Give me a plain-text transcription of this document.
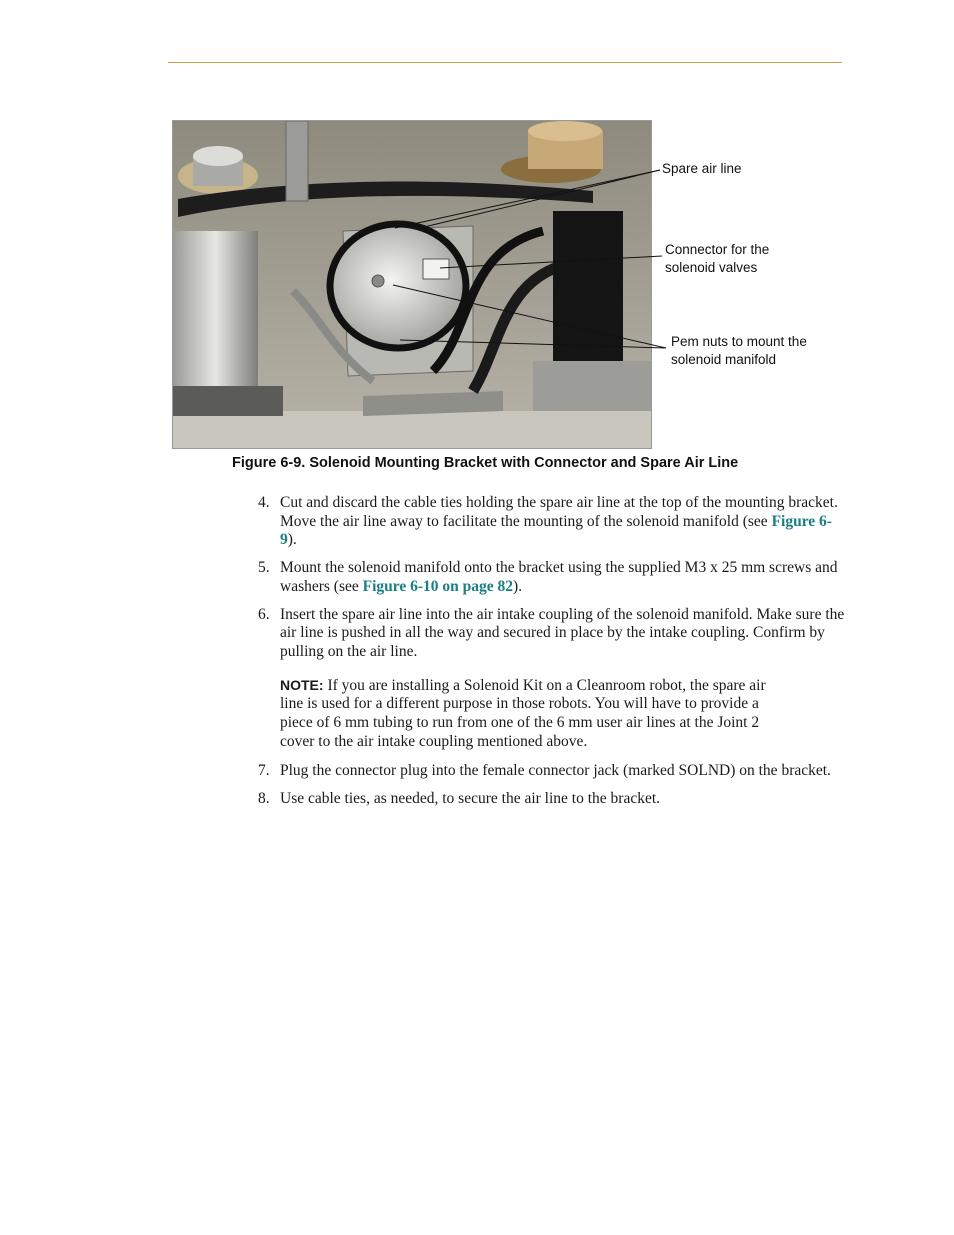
Spare air line
Connector for the
solenoid valves
Pem nuts to mount the
solenoid manifold
Figure 6-9. Solenoid Mounting Bracket with Connector and Spare Air Line
4. Cut and discard the cable ties holding the spare air line at the top of the mounting bracket. Move the air line away to facilitate the mounting of the solenoid manifold (see Figure 6-9).
5. Mount the solenoid manifold onto the bracket using the supplied M3 x 25 mm screws and washers (see Figure 6-10 on page 82).
6. Insert the spare air line into the air intake coupling of the solenoid manifold. Make sure the air line is pushed in all the way and secured in place by the intake coupling. Confirm by pulling on the air line.
NOTE: If you are installing a Solenoid Kit on a Cleanroom robot, the spare air line is used for a different purpose in those robots. You will have to provide a piece of 6 mm tubing to run from one of the 6 mm user air lines at the Joint 2 cover to the air intake coupling mentioned above.
7. Plug the connector plug into the female connector jack (marked SOLND) on the bracket.
8. Use cable ties, as needed, to secure the air line to the bracket.
